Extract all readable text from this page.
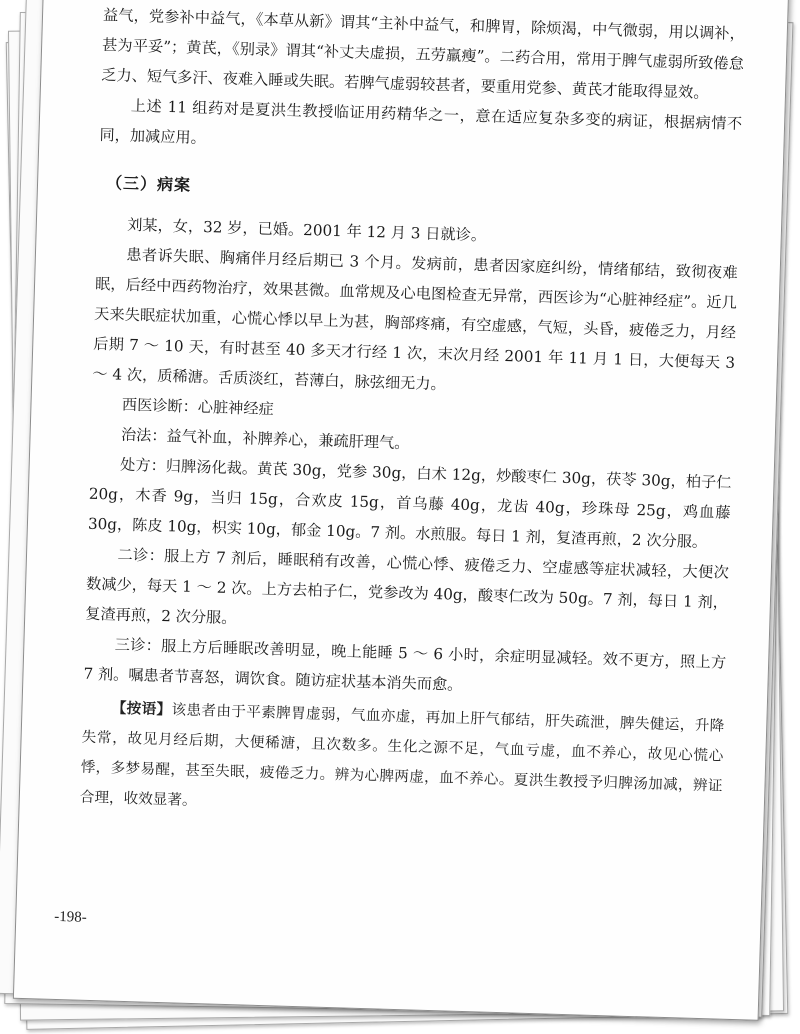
益气，党参补中益气，《本草从新》谓其“主补中益气，和脾胃，除烦渴，中气微弱，用以调补，甚为平妥”；黄芪，《别录》谓其“补丈夫虚损，五劳羸瘦”。二药合用，常用于脾气虚弱所致倦怠乏力、短气多汗、夜难入睡或失眠。若脾气虚弱较甚者，要重用党参、黄芪才能取得显效。

上述 11 组药对是夏洪生教授临证用药精华之一，意在适应复杂多变的病证，根据病情不同，加减应用。

（三）病案

刘某，女，32 岁，已婚。2001 年 12 月 3 日就诊。

患者诉失眠、胸痛伴月经后期已 3 个月。发病前，患者因家庭纠纷，情绪郁结，致彻夜难眠，后经中西药物治疗，效果甚微。血常规及心电图检查无异常，西医诊为“心脏神经症”。近几天来失眠症状加重，心慌心悸以早上为甚，胸部疼痛，有空虚感，气短，头昏，疲倦乏力，月经后期 7 ～ 10 天，有时甚至 40 多天才行经 1 次，末次月经 2001 年 11 月 1 日，大便每天 3 ～ 4 次，质稀溏。舌质淡红，苔薄白，脉弦细无力。

西医诊断：心脏神经症

治法：益气补血，补脾养心，兼疏肝理气。

处方：归脾汤化裁。黄芪 30g，党参 30g，白术 12g，炒酸枣仁 30g，茯苓 30g，柏子仁 20g，木香 9g，当归 15g，合欢皮 15g，首乌藤 40g，龙齿 40g，珍珠母 25g，鸡血藤 30g，陈皮 10g，枳实 10g，郁金 10g。7 剂。水煎服。每日 1 剂，复渣再煎，2 次分服。

二诊：服上方 7 剂后，睡眠稍有改善，心慌心悸、疲倦乏力、空虚感等症状减轻，大便次数减少，每天 1 ～ 2 次。上方去柏子仁，党参改为 40g，酸枣仁改为 50g。7 剂，每日 1 剂，复渣再煎，2 次分服。

三诊：服上方后睡眠改善明显，晚上能睡 5 ～ 6 小时，余症明显减轻。效不更方，照上方 7 剂。嘱患者节喜怒，调饮食。随访症状基本消失而愈。

【按语】该患者由于平素脾胃虚弱，气血亦虚，再加上肝气郁结，肝失疏泄，脾失健运，升降失常，故见月经后期，大便稀溏，且次数多。生化之源不足，气血亏虚，血不养心，故见心慌心悸，多梦易醒，甚至失眠，疲倦乏力。辨为心脾两虚，血不养心。夏洪生教授予归脾汤加减，辨证合理，收效显著。

-198-
